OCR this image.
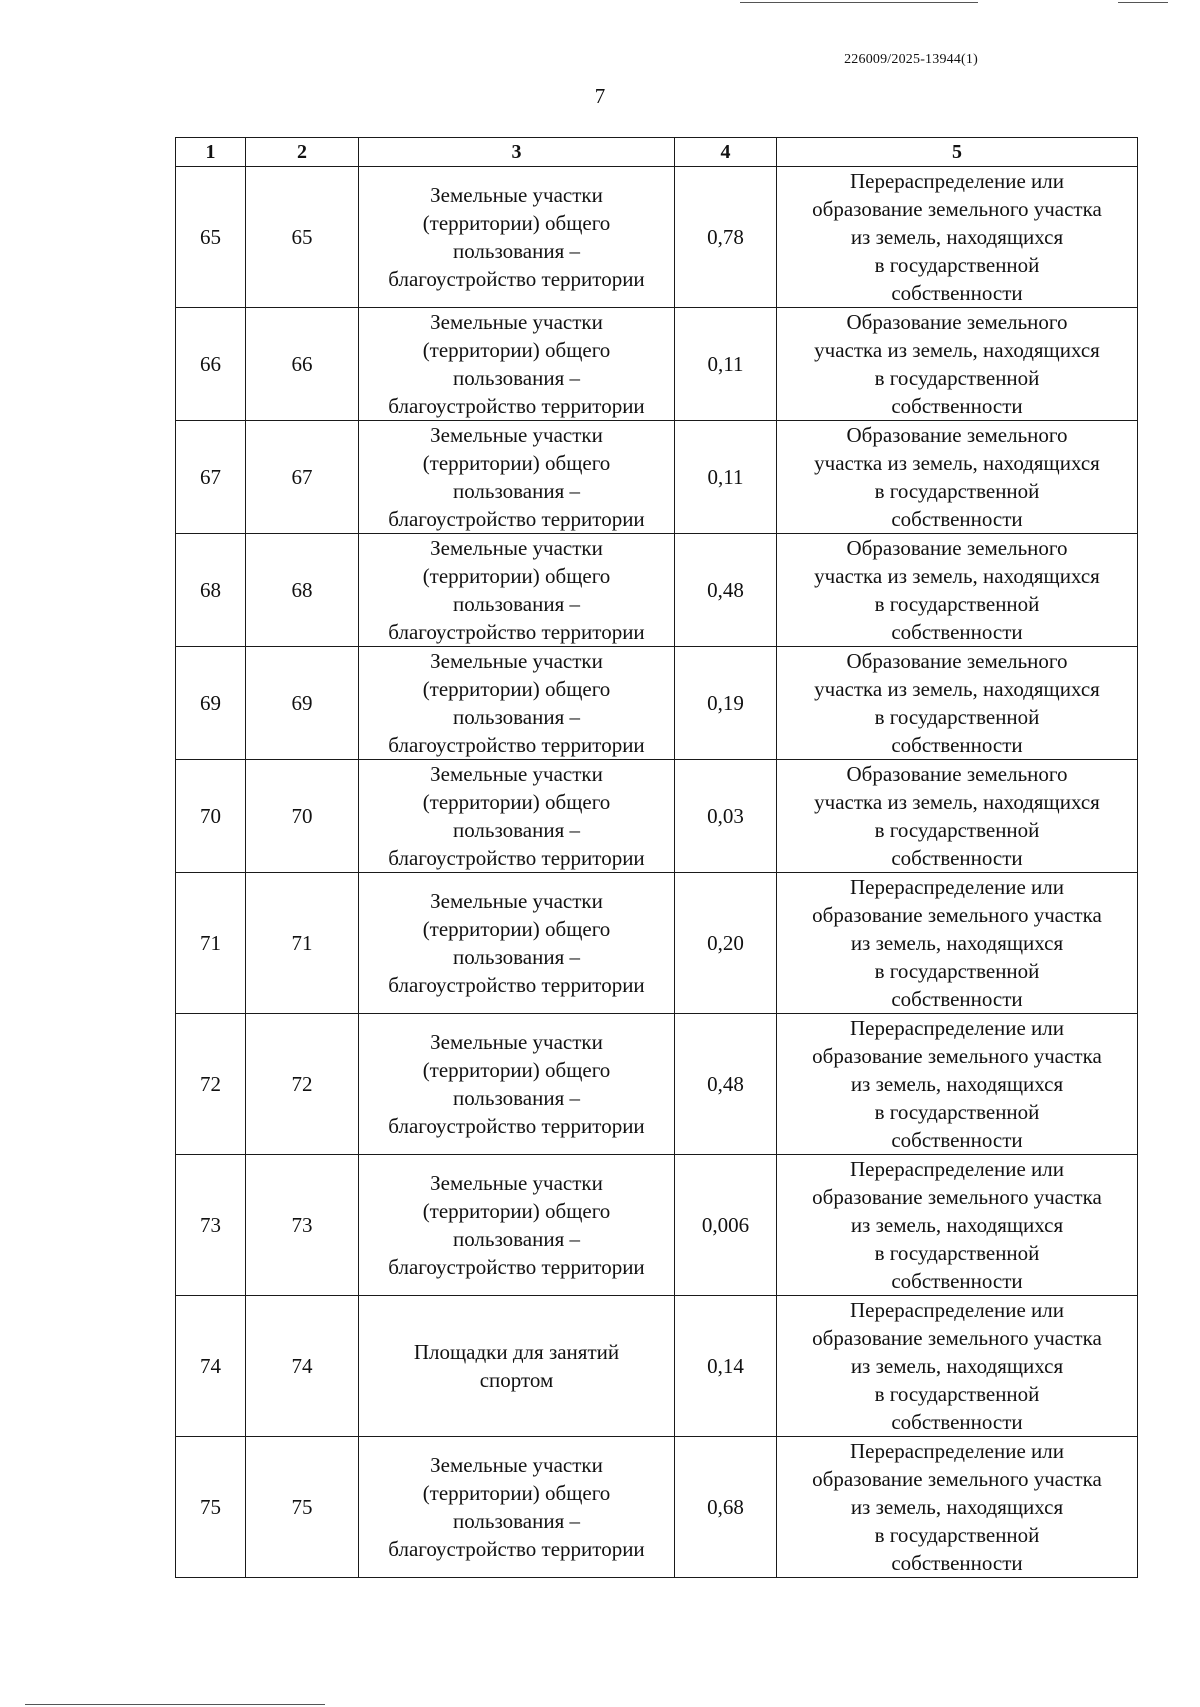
226009/2025-13944(1)
7
1	2	3	4	5
65	65	Земельные участки
(территории) общего
пользования –
благоустройство территории	0,78	Перераспределение или
образование земельного участка
из земель, находящихся
в государственной
собственности
66	66	Земельные участки
(территории) общего
пользования –
благоустройство территории	0,11	Образование земельного
участка из земель, находящихся
в государственной
собственности
67	67	Земельные участки
(территории) общего
пользования –
благоустройство территории	0,11	Образование земельного
участка из земель, находящихся
в государственной
собственности
68	68	Земельные участки
(территории) общего
пользования –
благоустройство территории	0,48	Образование земельного
участка из земель, находящихся
в государственной
собственности
69	69	Земельные участки
(территории) общего
пользования –
благоустройство территории	0,19	Образование земельного
участка из земель, находящихся
в государственной
собственности
70	70	Земельные участки
(территории) общего
пользования –
благоустройство территории	0,03	Образование земельного
участка из земель, находящихся
в государственной
собственности
71	71	Земельные участки
(территории) общего
пользования –
благоустройство территории	0,20	Перераспределение или
образование земельного участка
из земель, находящихся
в государственной
собственности
72	72	Земельные участки
(территории) общего
пользования –
благоустройство территории	0,48	Перераспределение или
образование земельного участка
из земель, находящихся
в государственной
собственности
73	73	Земельные участки
(территории) общего
пользования –
благоустройство территории	0,006	Перераспределение или
образование земельного участка
из земель, находящихся
в государственной
собственности
74	74	Площадки для занятий
спортом	0,14	Перераспределение или
образование земельного участка
из земель, находящихся
в государственной
собственности
75	75	Земельные участки
(территории) общего
пользования –
благоустройство территории	0,68	Перераспределение или
образование земельного участка
из земель, находящихся
в государственной
собственности
